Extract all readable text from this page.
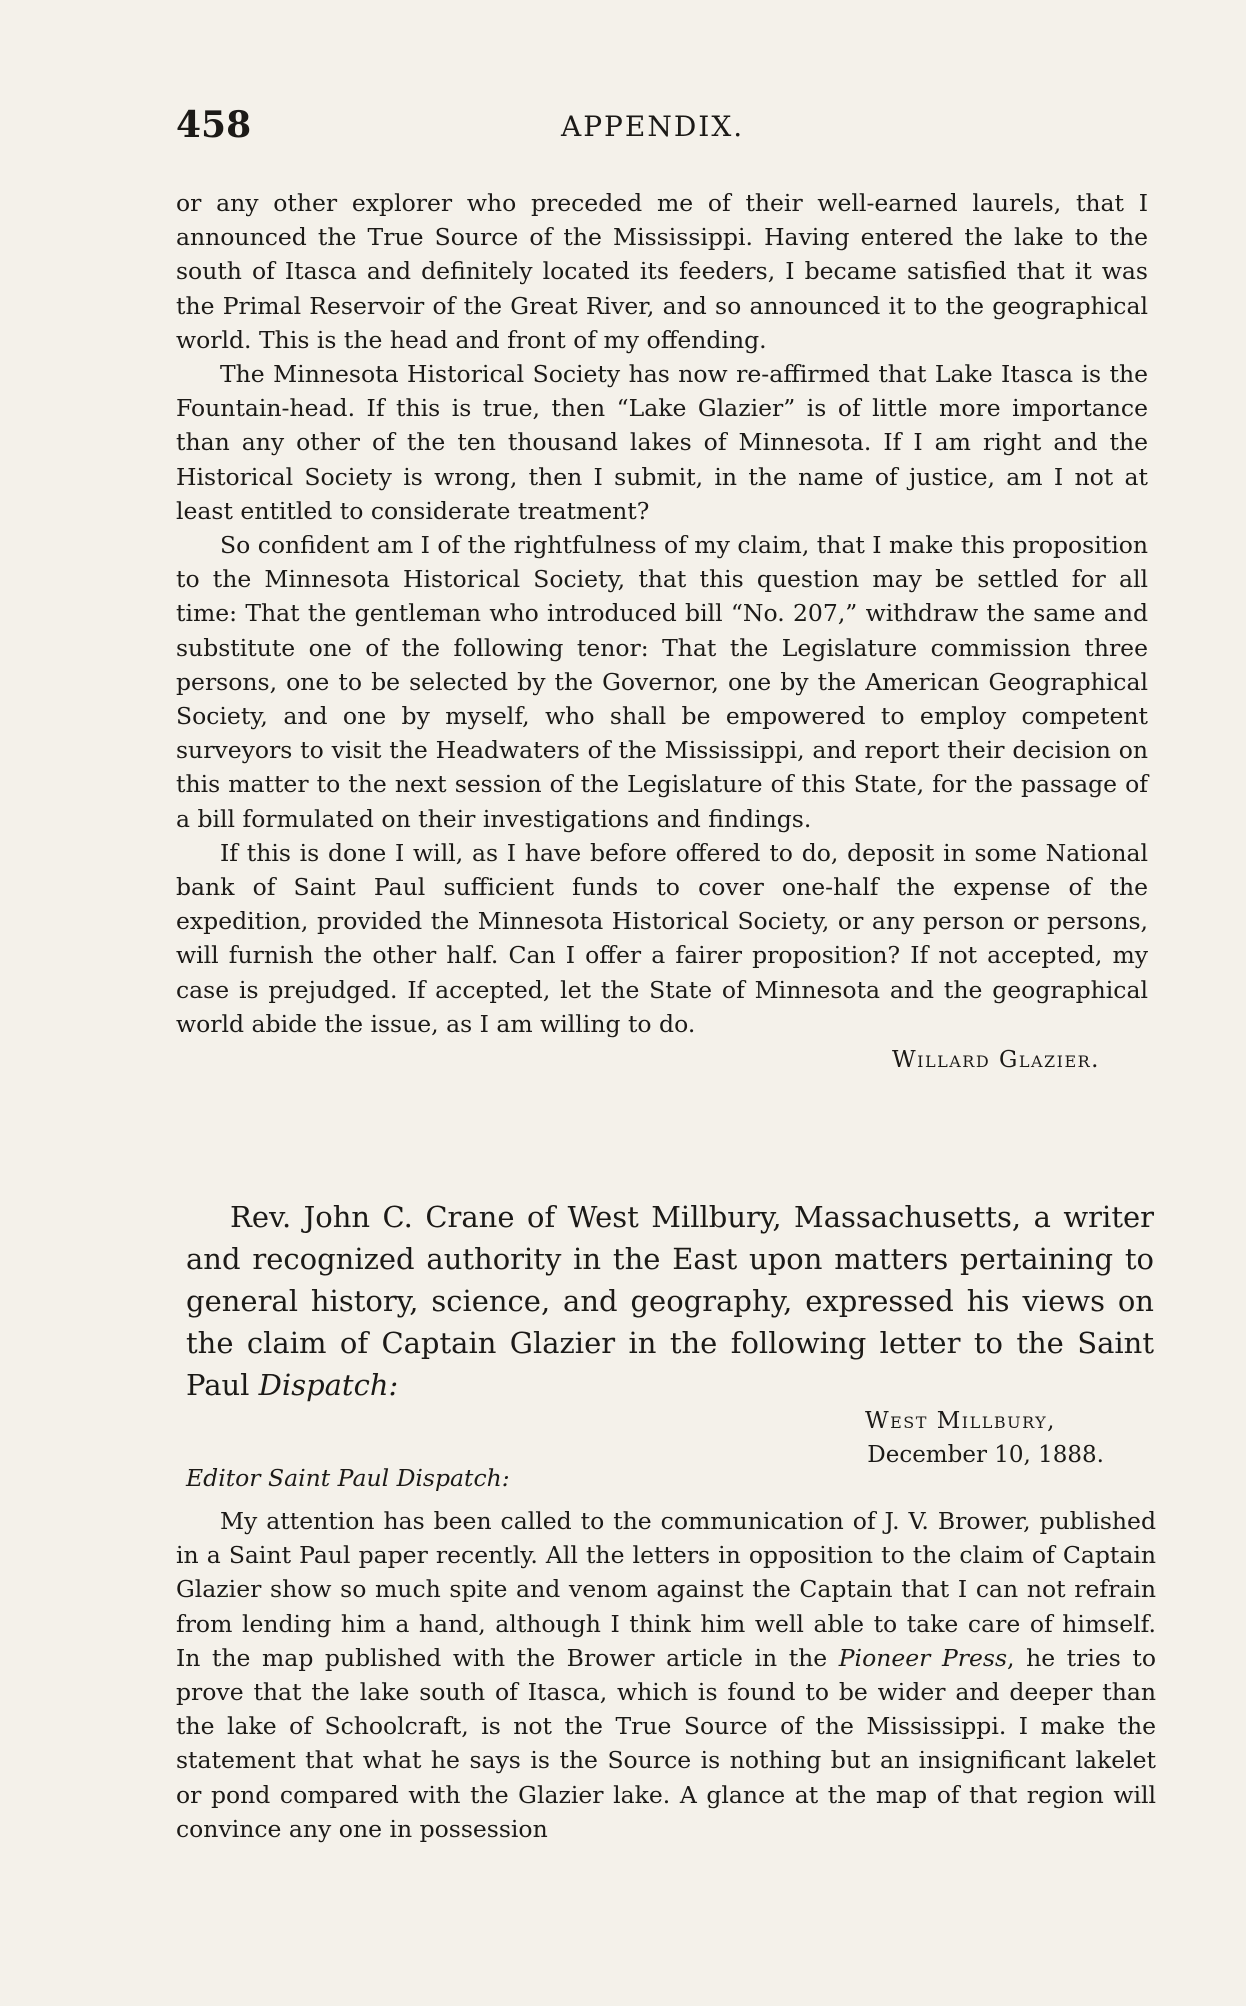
458	APPENDIX.

or any other explorer who preceded me of their well-earned laurels, that I announced the True Source of the Mississippi. Having entered the lake to the south of Itasca and definitely located its feeders, I became satisfied that it was the Primal Reservoir of the Great River, and so announced it to the geographical world. This is the head and front of my offending.

The Minnesota Historical Society has now re-affirmed that Lake Itasca is the Fountain-head. If this is true, then “Lake Glazier” is of little more importance than any other of the ten thousand lakes of Minnesota. If I am right and the Historical Society is wrong, then I submit, in the name of justice, am I not at least entitled to considerate treatment?

So confident am I of the rightfulness of my claim, that I make this proposition to the Minnesota Historical Society, that this question may be settled for all time: That the gentleman who introduced bill “No. 207,” withdraw the same and substitute one of the following tenor: That the Legislature commission three persons, one to be selected by the Governor, one by the American Geographical Society, and one by myself, who shall be empowered to employ competent surveyors to visit the Headwaters of the Mississippi, and report their decision on this matter to the next session of the Legislature of this State, for the passage of a bill formulated on their investigations and findings.

If this is done I will, as I have before offered to do, deposit in some National bank of Saint Paul sufficient funds to cover one-half the expense of the expedition, provided the Minnesota Historical Society, or any person or persons, will furnish the other half. Can I offer a fairer proposition? If not accepted, my case is prejudged. If accepted, let the State of Minnesota and the geographical world abide the issue, as I am willing to do.

Willard Glazier.

Rev. John C. Crane of West Millbury, Massachusetts, a writer and recognized authority in the East upon matters pertaining to general history, science, and geography, expressed his views on the claim of Captain Glazier in the following letter to the Saint Paul Dispatch:

West Millbury,
December 10, 1888.
Editor Saint Paul Dispatch:

My attention has been called to the communication of J. V. Brower, published in a Saint Paul paper recently. All the letters in opposition to the claim of Captain Glazier show so much spite and venom against the Captain that I can not refrain from lending him a hand, although I think him well able to take care of himself. In the map published with the Brower article in the Pioneer Press, he tries to prove that the lake south of Itasca, which is found to be wider and deeper than the lake of Schoolcraft, is not the True Source of the Mississippi. I make the statement that what he says is the Source is nothing but an insignificant lakelet or pond compared with the Glazier lake. A glance at the map of that region will convince any one in possession
